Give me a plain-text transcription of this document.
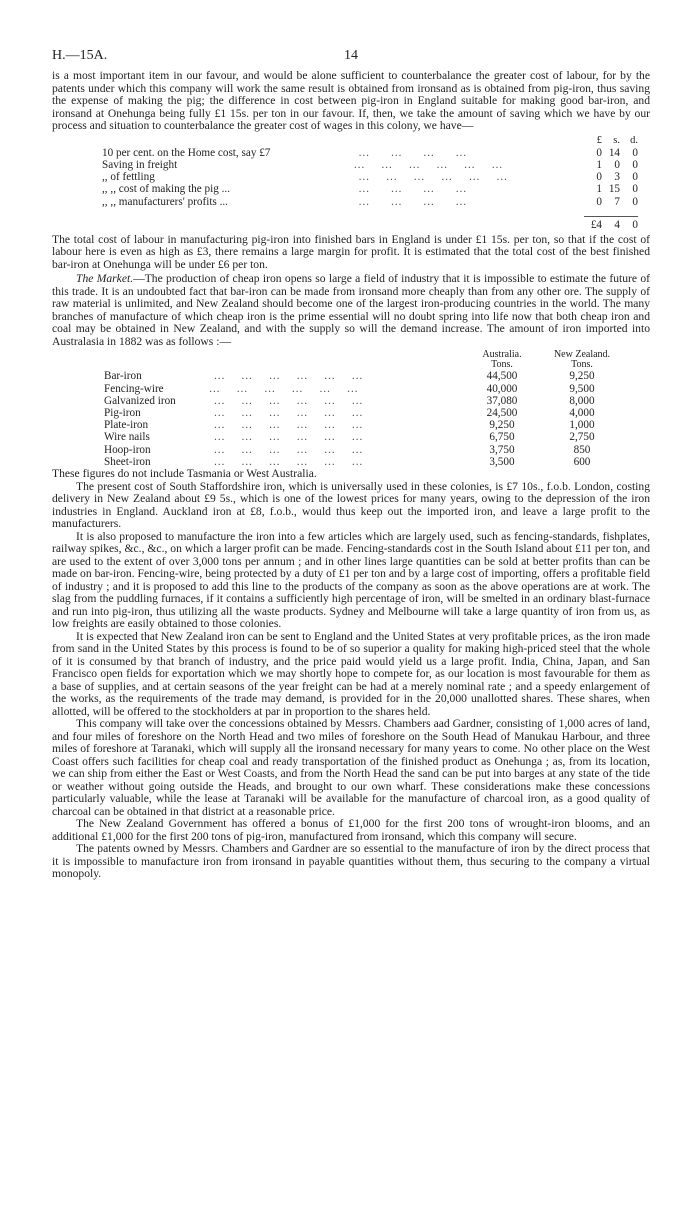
H.—15A.	14

is a most important item in our favour, and would be alone sufficient to counterbalance the greater cost of labour, for by the patents under which this company will work the same result is obtained from ironsand as is obtained from pig-iron, thus saving the expense of making the pig; the difference in cost between pig-iron in England suitable for making good bar-iron, and ironsand at Onehunga being fully £1 15s. per ton in our favour. If, then, we take the amount of saving which we have by our process and situation to counterbalance the greater cost of wages in this colony, we have—

		£	s.	d.
10 per cent. on the Home cost, say £7	…    …    …    …	0	14	0
Saving in freight	…   …   …   …   …   …	1	0	0
,, of fettling	…   …   …   …   …   …	0	3	0
,, ,, cost of making the pig ...	…    …    …    …	1	15	0
,, ,, manufacturers' profits ...	…    …    …    …	0	7	0

		£4	4	0

The total cost of labour in manufacturing pig-iron into finished bars in England is under £1 15s. per ton, so that if the cost of labour here is even as high as £3, there remains a large margin for profit. It is estimated that the total cost of the best finished bar-iron at Onehunga will be under £6 per ton.

The Market.—The production of cheap iron opens so large a field of industry that it is impossible to estimate the future of this trade. It is an undoubted fact that bar-iron can be made from ironsand more cheaply than from any other ore. The supply of raw material is unlimited, and New Zealand should become one of the largest iron-producing countries in the world. The many branches of manufacture of which cheap iron is the prime essential will no doubt spring into life now that both cheap iron and coal may be obtained in New Zealand, and with the supply so will the demand increase. The amount of iron imported into Australasia in 1882 was as follows :—

		Australia.	New Zealand.
		Tons.	Tons.
Bar-iron	…   …   …   …   …   …	44,500	9,250
Fencing-wire	…   …   …   …   …   …	40,000	9,500
Galvanized iron	…   …   …   …   …   …	37,080	8,000
Pig-iron	…   …   …   …   …   …	24,500	4,000
Plate-iron	…   …   …   …   …   …	9,250	1,000
Wire nails	…   …   …   …   …   …	6,750	2,750
Hoop-iron	…   …   …   …   …   …	3,750	850
Sheet-iron	…   …   …   …   …   …	3,500	600

These figures do not include Tasmania or West Australia.

The present cost of South Staffordshire iron, which is universally used in these colonies, is £7 10s., f.o.b. London, costing delivery in New Zealand about £9 5s., which is one of the lowest prices for many years, owing to the depression of the iron industries in England. Auckland iron at £8, f.o.b., would thus keep out the imported iron, and leave a large profit to the manufacturers.

It is also proposed to manufacture the iron into a few articles which are largely used, such as fencing-standards, fishplates, railway spikes, &c., &c., on which a larger profit can be made. Fencing-standards cost in the South Island about £11 per ton, and are used to the extent of over 3,000 tons per annum ; and in other lines large quantities can be sold at better profits than can be made on bar-iron. Fencing-wire, being protected by a duty of £1 per ton and by a large cost of importing, offers a profitable field of industry ; and it is proposed to add this line to the products of the company as soon as the above operations are at work. The slag from the puddling furnaces, if it contains a sufficiently high percentage of iron, will be smelted in an ordinary blast-furnace and run into pig-iron, thus utilizing all the waste products. Sydney and Melbourne will take a large quantity of iron from us, as low freights are easily obtained to those colonies.

It is expected that New Zealand iron can be sent to England and the United States at very profitable prices, as the iron made from sand in the United States by this process is found to be of so superior a quality for making high-priced steel that the whole of it is consumed by that branch of industry, and the price paid would yield us a large profit. India, China, Japan, and San Francisco open fields for exportation which we may shortly hope to compete for, as our location is most favourable for them as a base of supplies, and at certain seasons of the year freight can be had at a merely nominal rate ; and a speedy enlargement of the works, as the requirements of the trade may demand, is provided for in the 20,000 unallotted shares. These shares, when allotted, will be offered to the stockholders at par in proportion to the shares held.

This company will take over the concessions obtained by Messrs. Chambers aad Gardner, consisting of 1,000 acres of land, and four miles of foreshore on the North Head and two miles of foreshore on the South Head of Manukau Harbour, and three miles of foreshore at Taranaki, which will supply all the ironsand necessary for many years to come. No other place on the West Coast offers such facilities for cheap coal and ready transportation of the finished product as Onehunga ; as, from its location, we can ship from either the East or West Coasts, and from the North Head the sand can be put into barges at any state of the tide or weather without going outside the Heads, and brought to our own wharf. These considerations make these concessions particularly valuable, while the lease at Taranaki will be available for the manufacture of charcoal iron, as a good quality of charcoal can be obtained in that district at a reasonable price.

The New Zealand Government has offered a bonus of £1,000 for the first 200 tons of wrought-iron blooms, and an additional £1,000 for the first 200 tons of pig-iron, manufactured from ironsand, which this company will secure.

The patents owned by Messrs. Chambers and Gardner are so essential to the manufacture of iron by the direct process that it is impossible to manufacture iron from ironsand in payable quantities without them, thus securing to the company a virtual monopoly.
